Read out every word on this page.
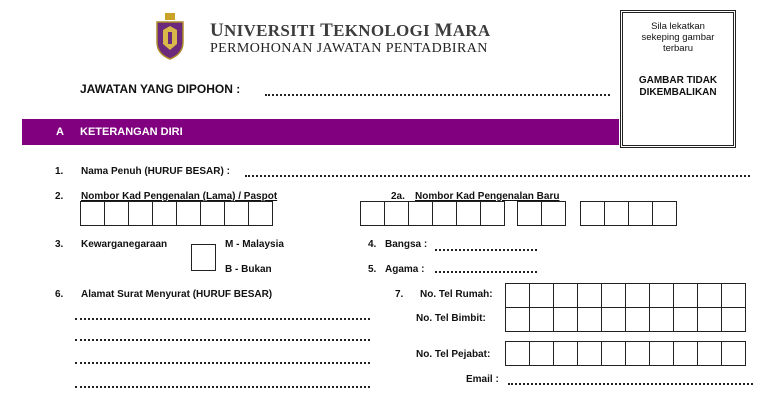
UNIVERSITI TEKNOLOGI MARA
PERMOHONAN JAWATAN PENTADBIRAN
JAWATAN YANG DIPOHON :
Sila lekatkan
sekeping gambar
terbaru
GAMBAR TIDAK
DIKEMBALIKAN
A KETERANGAN DIRI
1. Nama Penuh (HURUF BESAR) :
2. Nombor Kad Pengenalan (Lama) / Paspot	2a. Nombor Kad Pengenalan Baru
3. Kewarganegaraan	M - Malaysia
B - Bukan
4. Bangsa :
5. Agama :
6. Alamat Surat Menyurat (HURUF BESAR)	7. No. Tel Rumah:
No. Tel Bimbit:
No. Tel Pejabat:
Email :
